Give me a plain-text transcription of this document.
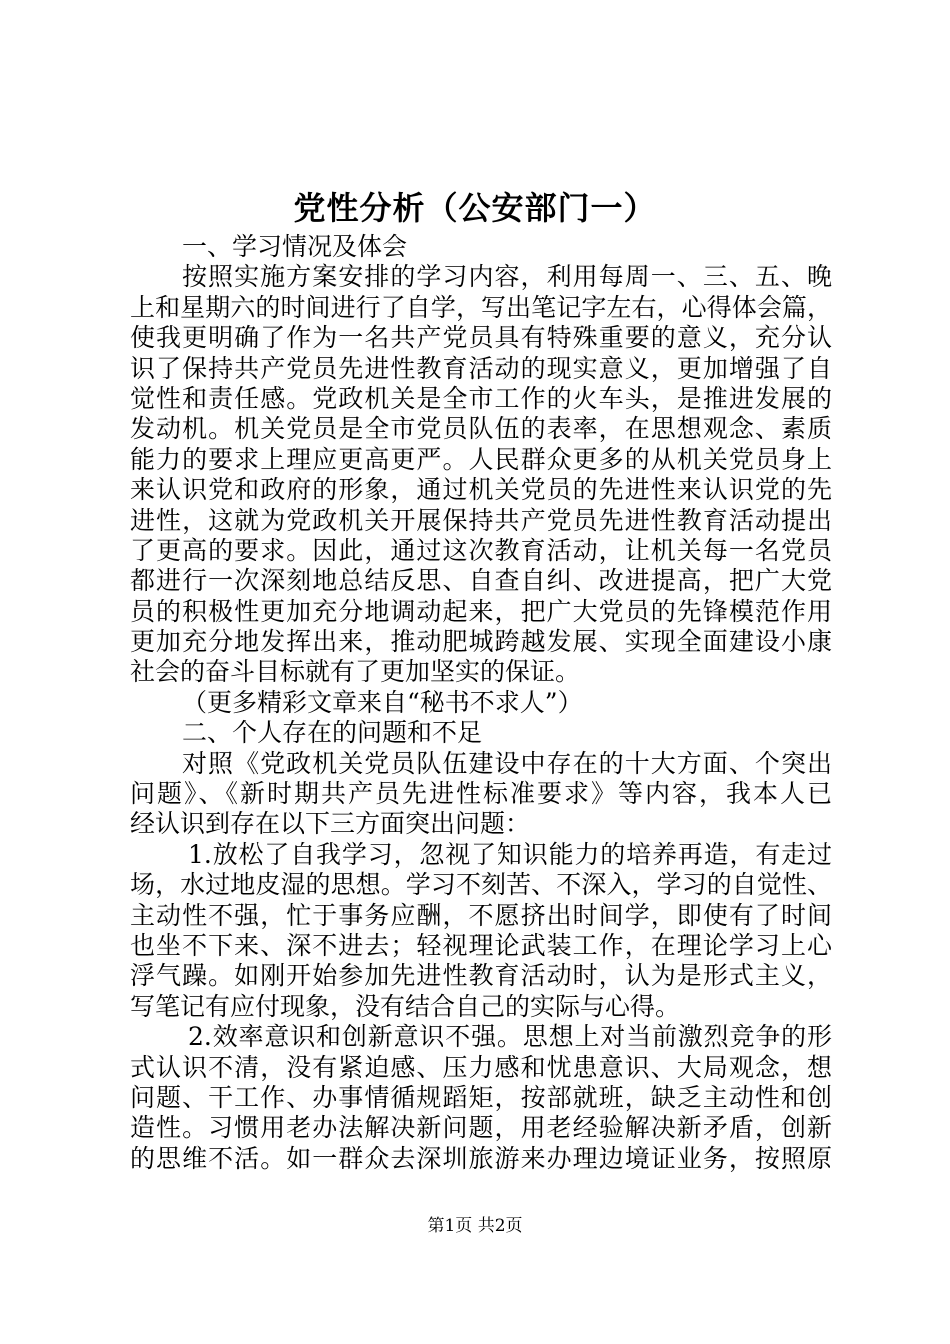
党性分析（公安部门一）
一、学习情况及体会
按照实施方案安排的学习内容，利用每周一、三、五、晚
上和星期六的时间进行了自学，写出笔记字左右，心得体会篇，
使我更明确了作为一名共产党员具有特殊重要的意义，充分认
识了保持共产党员先进性教育活动的现实意义，更加增强了自
觉性和责任感。党政机关是全市工作的火车头，是推进发展的
发动机。机关党员是全市党员队伍的表率，在思想观念、素质
能力的要求上理应更高更严。人民群众更多的从机关党员身上
来认识党和政府的形象，通过机关党员的先进性来认识党的先
进性，这就为党政机关开展保持共产党员先进性教育活动提出
了更高的要求。因此，通过这次教育活动，让机关每一名党员
都进行一次深刻地总结反思、自查自纠、改进提高，把广大党
员的积极性更加充分地调动起来，把广大党员的先锋模范作用
更加充分地发挥出来，推动肥城跨越发展、实现全面建设小康
社会的奋斗目标就有了更加坚实的保证。
（更多精彩文章来自“秘书不求人”）
二、个人存在的问题和不足
对照《党政机关党员队伍建设中存在的十大方面、个突出
问题》、《新时期共产员先进性标准要求》等内容，我本人已
经认识到存在以下三方面突出问题：
1.放松了自我学习，忽视了知识能力的培养再造，有走过
场，水过地皮湿的思想。学习不刻苦、不深入，学习的自觉性、
主动性不强，忙于事务应酬，不愿挤出时间学，即使有了时间
也坐不下来、深不进去；轻视理论武装工作，在理论学习上心
浮气躁。如刚开始参加先进性教育活动时，认为是形式主义，
写笔记有应付现象，没有结合自己的实际与心得。
2.效率意识和创新意识不强。思想上对当前激烈竞争的形
式认识不清，没有紧迫感、压力感和忧患意识、大局观念，想
问题、干工作、办事情循规蹈矩，按部就班，缺乏主动性和创
造性。习惯用老办法解决新问题，用老经验解决新矛盾，创新
的思维不活。如一群众去深圳旅游来办理边境证业务，按照原
第1页 共2页
